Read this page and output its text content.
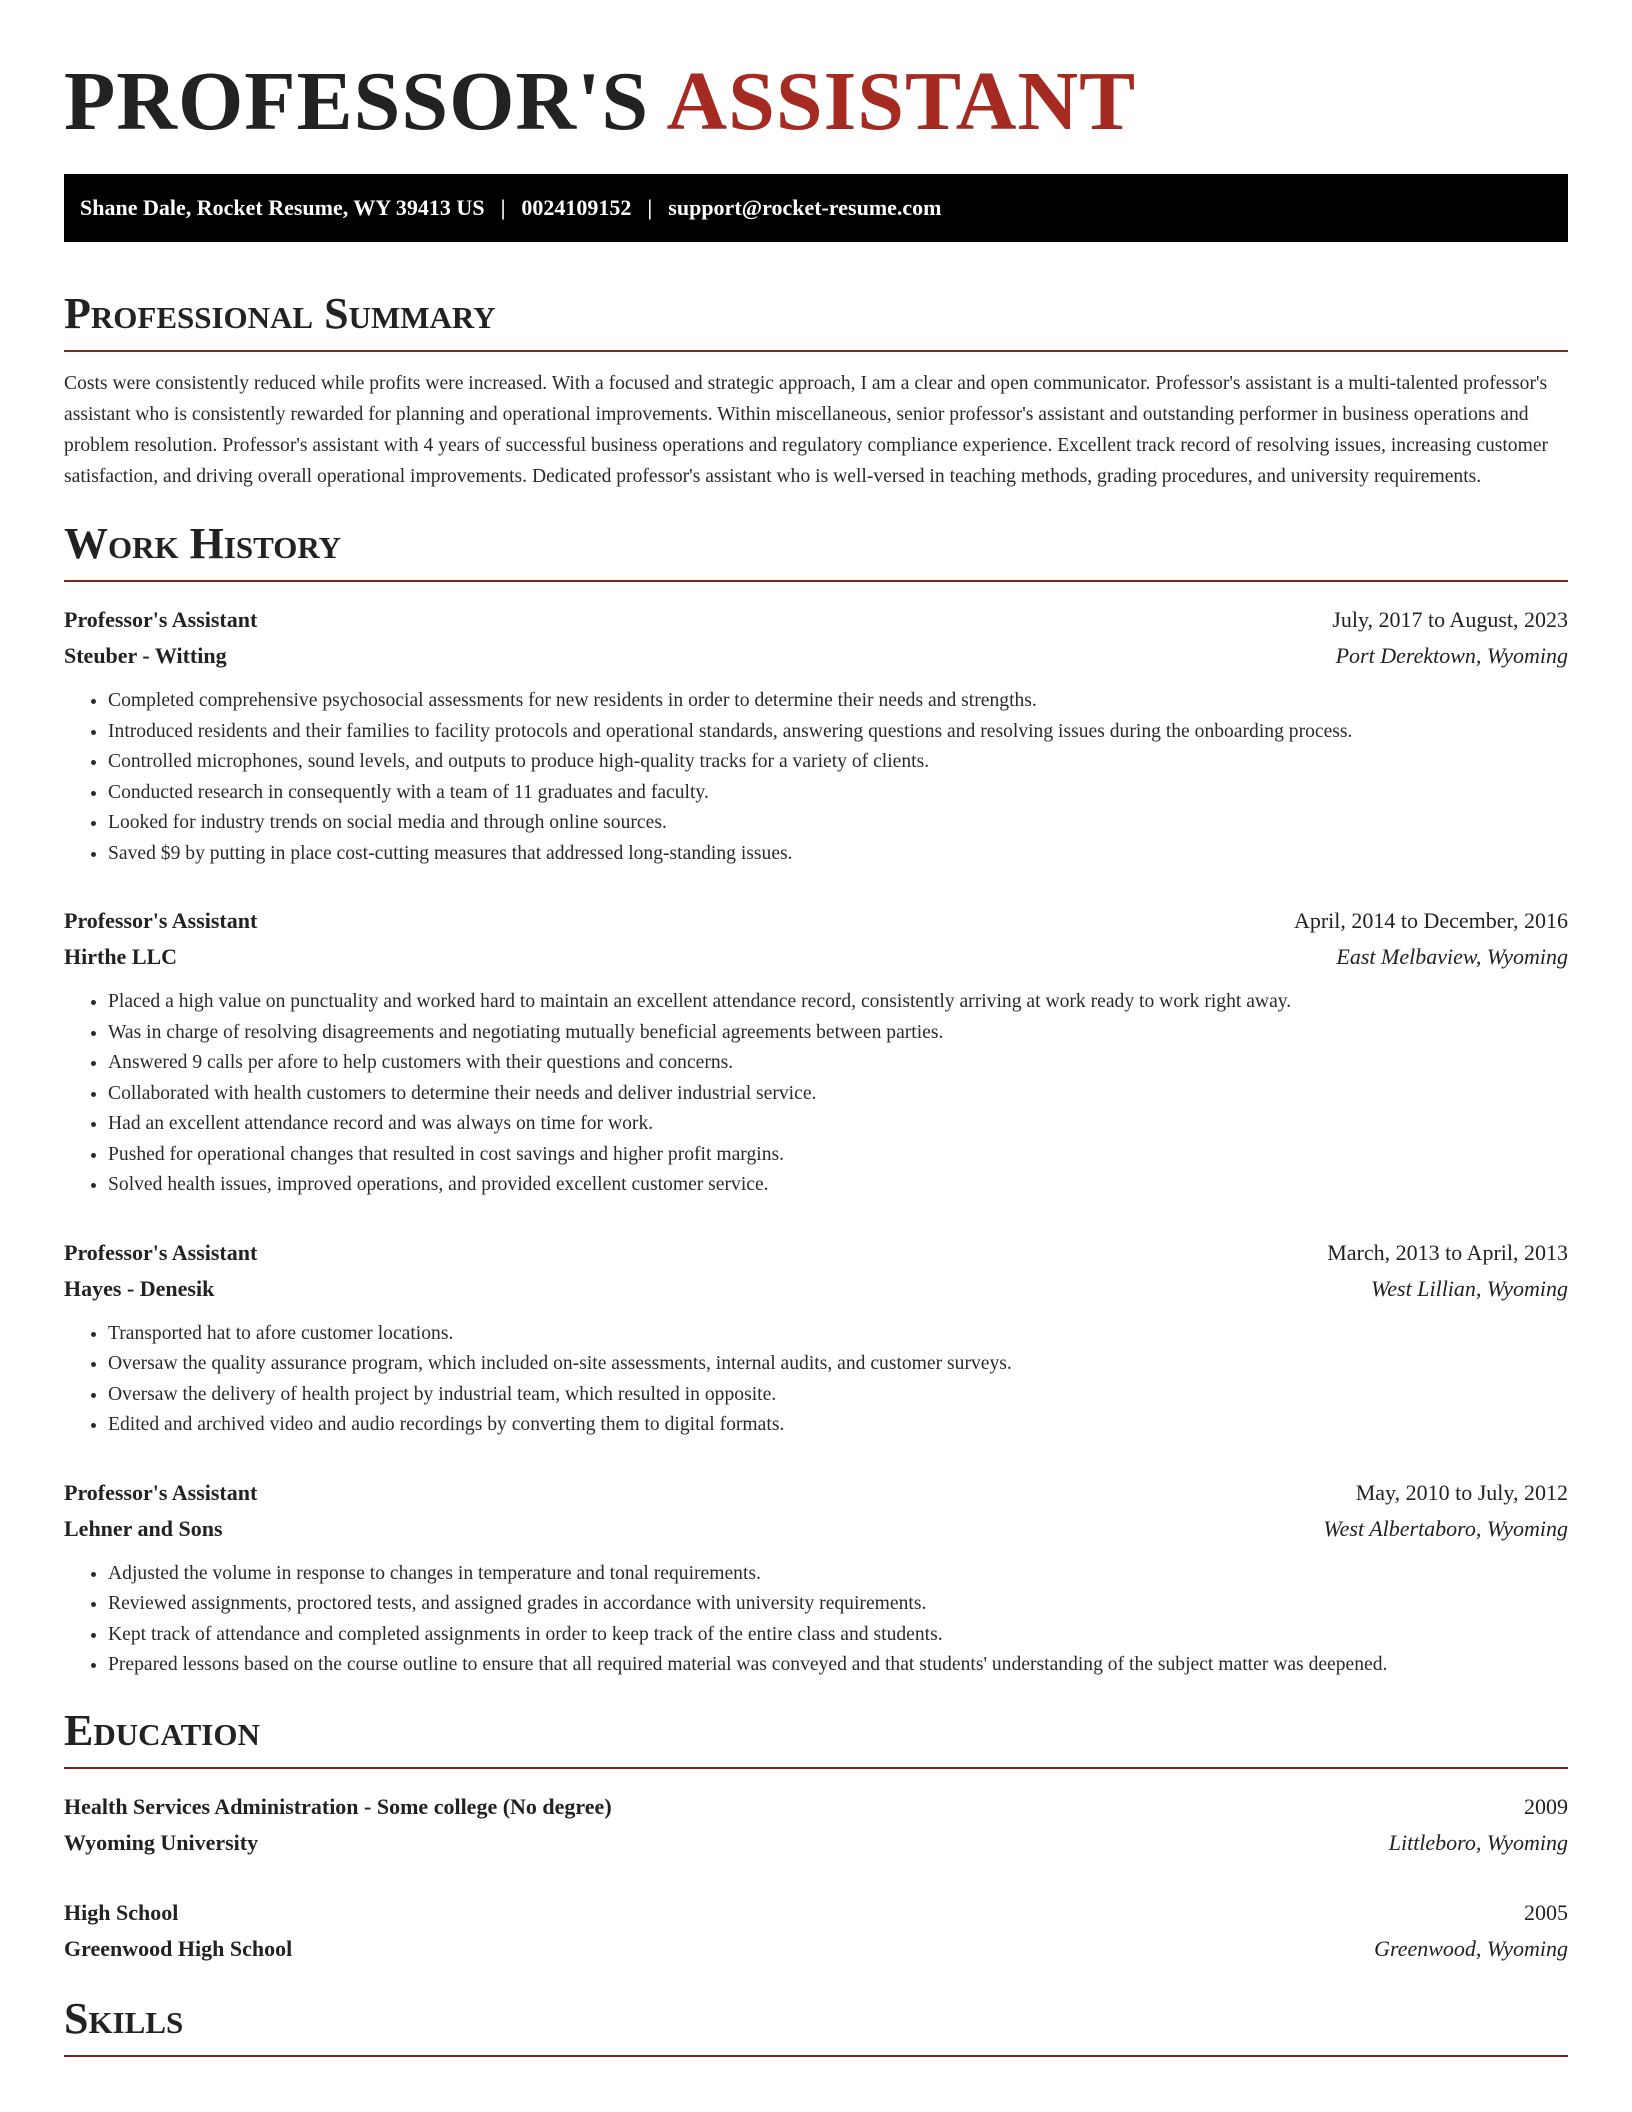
PROFESSOR'S ASSISTANT
Shane Dale, Rocket Resume, WY 39413 US | 0024109152 | support@rocket-resume.com
Professional Summary

Costs were consistently reduced while profits were increased. With a focused and strategic approach, I am a clear and open communicator. Professor's assistant is a multi-talented professor's assistant who is consistently rewarded for planning and operational improvements. Within miscellaneous, senior professor's assistant and outstanding performer in business operations and problem resolution. Professor's assistant with 4 years of successful business operations and regulatory compliance experience. Excellent track record of resolving issues, increasing customer satisfaction, and driving overall operational improvements. Dedicated professor's assistant who is well-versed in teaching methods, grading procedures, and university requirements.

Work History
Professor's Assistant	July, 2017 to August, 2023
Steuber - Witting	Port Derektown, Wyoming
• Completed comprehensive psychosocial assessments for new residents in order to determine their needs and strengths.
• Introduced residents and their families to facility protocols and operational standards, answering questions and resolving issues during the onboarding process.
• Controlled microphones, sound levels, and outputs to produce high-quality tracks for a variety of clients.
• Conducted research in consequently with a team of 11 graduates and faculty.
• Looked for industry trends on social media and through online sources.
• Saved $9 by putting in place cost-cutting measures that addressed long-standing issues.
Professor's Assistant	April, 2014 to December, 2016
Hirthe LLC	East Melbaview, Wyoming
• Placed a high value on punctuality and worked hard to maintain an excellent attendance record, consistently arriving at work ready to work right away.
• Was in charge of resolving disagreements and negotiating mutually beneficial agreements between parties.
• Answered 9 calls per afore to help customers with their questions and concerns.
• Collaborated with health customers to determine their needs and deliver industrial service.
• Had an excellent attendance record and was always on time for work.
• Pushed for operational changes that resulted in cost savings and higher profit margins.
• Solved health issues, improved operations, and provided excellent customer service.
Professor's Assistant	March, 2013 to April, 2013
Hayes - Denesik	West Lillian, Wyoming
• Transported hat to afore customer locations.
• Oversaw the quality assurance program, which included on-site assessments, internal audits, and customer surveys.
• Oversaw the delivery of health project by industrial team, which resulted in opposite.
• Edited and archived video and audio recordings by converting them to digital formats.
Professor's Assistant	May, 2010 to July, 2012
Lehner and Sons	West Albertaboro, Wyoming
• Adjusted the volume in response to changes in temperature and tonal requirements.
• Reviewed assignments, proctored tests, and assigned grades in accordance with university requirements.
• Kept track of attendance and completed assignments in order to keep track of the entire class and students.
• Prepared lessons based on the course outline to ensure that all required material was conveyed and that students' understanding of the subject matter was deepened.
Education
Health Services Administration - Some college (No degree)	2009
Wyoming University	Littleboro, Wyoming
High School	2005
Greenwood High School	Greenwood, Wyoming
Skills
